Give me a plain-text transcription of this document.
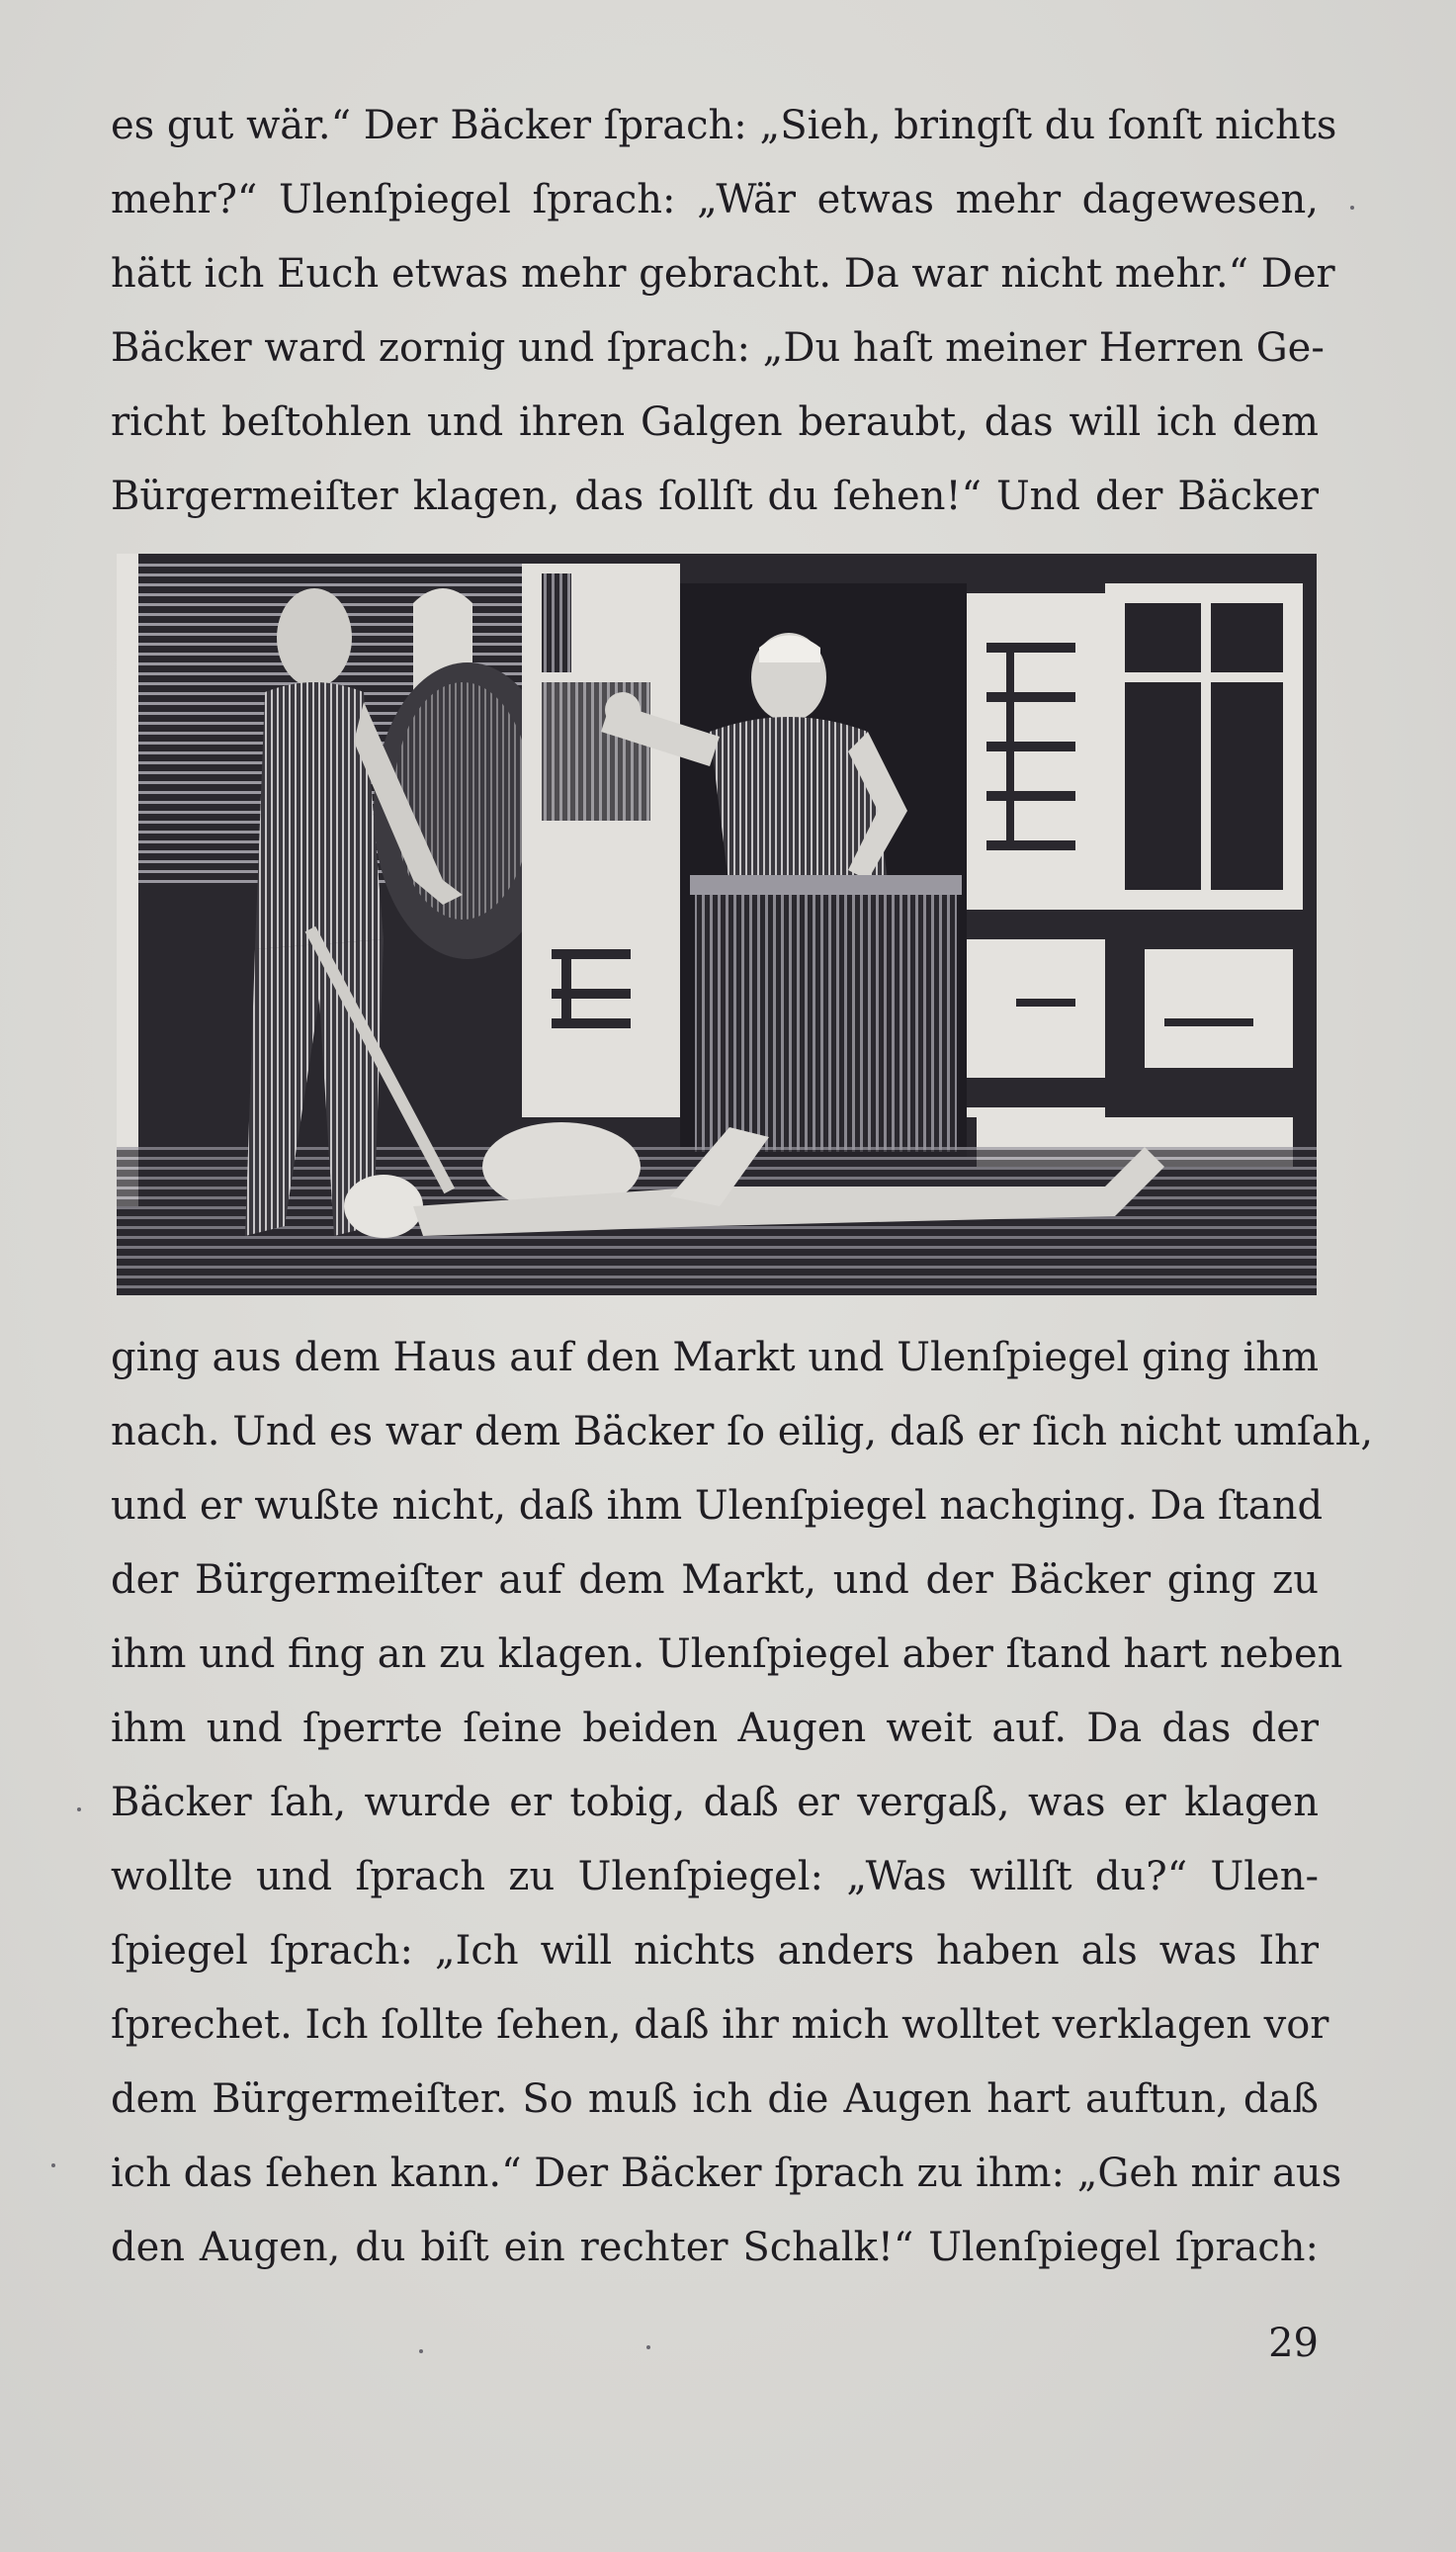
es gut wär.“ Der Bäcker ſprach: „Sieh, bringſt du ſonſt nichts
mehr?“ Ulenſpiegel ſprach: „Wär etwas mehr dagewesen,
hätt ich Euch etwas mehr gebracht. Da war nicht mehr.“ Der
Bäcker ward zornig und ſprach: „Du haſt meiner Herren Ge-
richt beſtohlen und ihren Galgen beraubt, das will ich dem
Bürgermeiſter klagen, das ſollſt du ſehen!“ Und der Bäcker
ging aus dem Haus auf den Markt und Ulenſpiegel ging ihm
nach. Und es war dem Bäcker ſo eilig, daß er ſich nicht umſah,
und er wußte nicht, daß ihm Ulenſpiegel nachging. Da ſtand
der Bürgermeiſter auf dem Markt, und der Bäcker ging zu
ihm und fing an zu klagen. Ulenſpiegel aber ſtand hart neben
ihm und ſperrte ſeine beiden Augen weit auf. Da das der
Bäcker ſah, wurde er tobig, daß er vergaß, was er klagen
wollte und ſprach zu Ulenſpiegel: „Was willſt du?“ Ulen-
ſpiegel ſprach: „Ich will nichts anders haben als was Ihr
ſprechet. Ich ſollte ſehen, daß ihr mich wolltet verklagen vor
dem Bürgermeiſter. So muß ich die Augen hart auftun, daß
ich das ſehen kann.“ Der Bäcker ſprach zu ihm: „Geh mir aus
den Augen, du biſt ein rechter Schalk!“ Ulenſpiegel ſprach:
29
